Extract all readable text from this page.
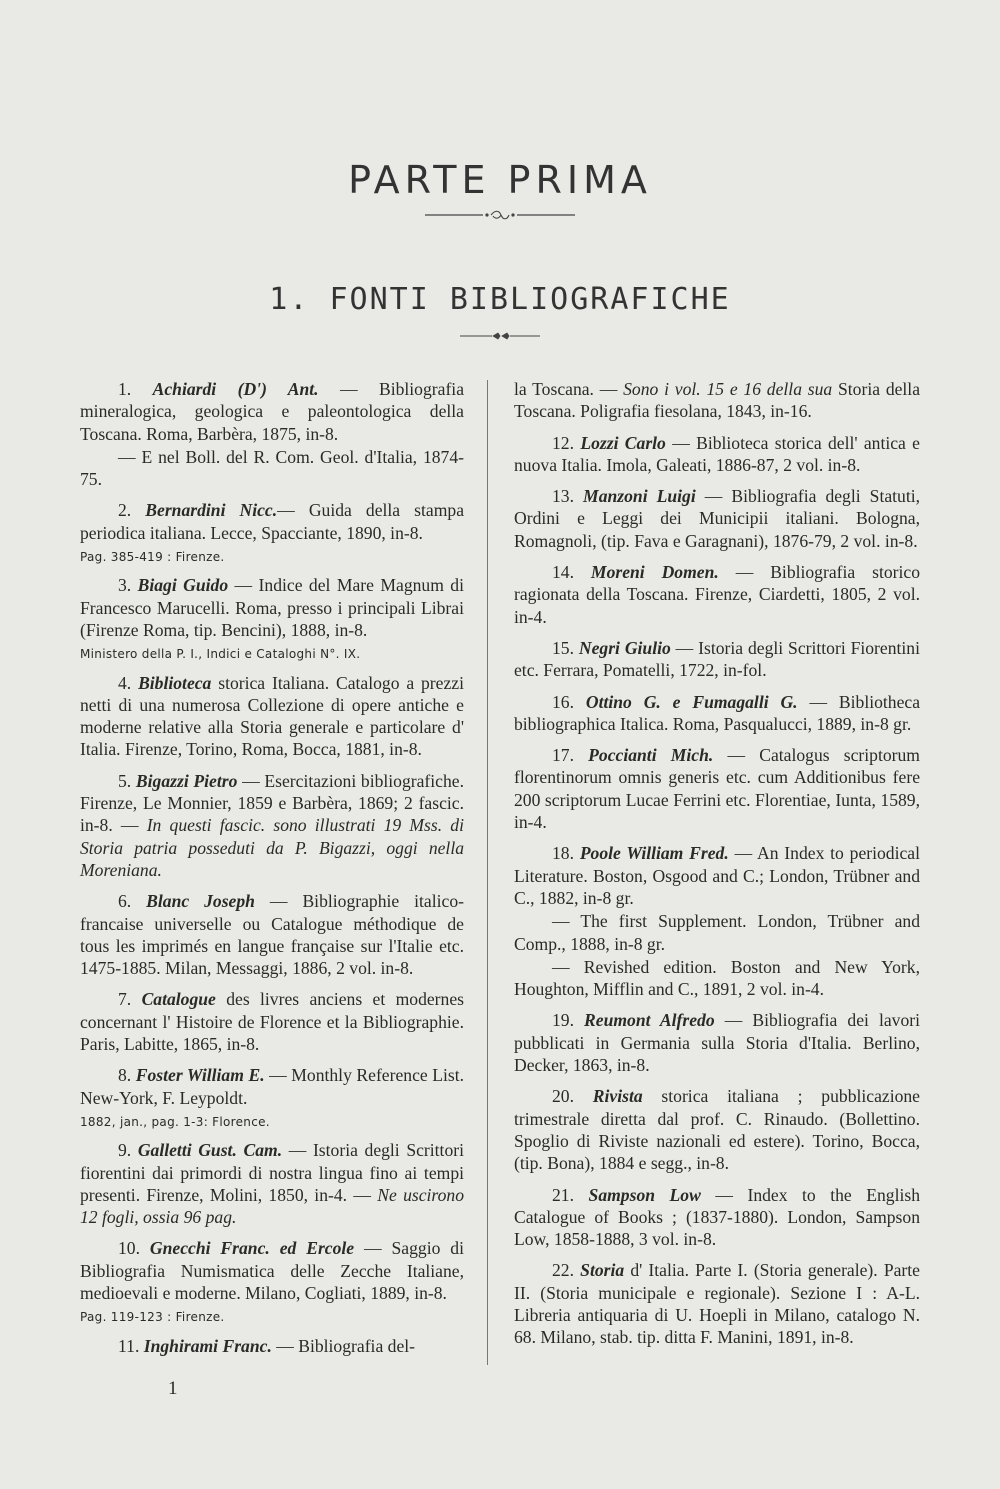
PARTE PRIMA
1. FONTI BIBLIOGRAFICHE

1. Achiardi (D') Ant. — Bibliografia mineralogica, geologica e paleontologica della Toscana. Roma, Barbèra, 1875, in-8.

— E nel Boll. del R. Com. Geol. d'Italia, 1874-75.

2. Bernardini Nicc.— Guida della stampa periodica italiana. Lecce, Spacciante, 1890, in-8.

Pag. 385-419 : Firenze.

3. Biagi Guido — Indice del Mare Magnum di Francesco Marucelli. Roma, presso i principali Librai (Firenze Roma, tip. Bencini), 1888, in-8.

Ministero della P. I., Indici e Cataloghi N°. IX.

4. Biblioteca storica Italiana. Catalogo a prezzi netti di una numerosa Collezione di opere antiche e moderne relative alla Storia generale e particolare d' Italia. Firenze, Torino, Roma, Bocca, 1881, in-8.

5. Bigazzi Pietro — Esercitazioni bibliografiche. Firenze, Le Monnier, 1859 e Barbèra, 1869; 2 fascic. in-8. — In questi fascic. sono illustrati 19 Mss. di Storia patria posseduti da P. Bigazzi, oggi nella Moreniana.

6. Blanc Joseph — Bibliographie italico-francaise universelle ou Catalogue méthodique de tous les imprimés en langue française sur l'Italie etc. 1475-1885. Milan, Messaggi, 1886, 2 vol. in-8.

7. Catalogue des livres anciens et modernes concernant l' Histoire de Florence et la Bibliographie. Paris, Labitte, 1865, in-8.

8. Foster William E. — Monthly Reference List. New-York, F. Leypoldt.

1882, jan., pag. 1-3: Florence.

9. Galletti Gust. Cam. — Istoria degli Scrittori fiorentini dai primordi di nostra lingua fino ai tempi presenti. Firenze, Molini, 1850, in-4. — Ne uscirono 12 fogli, ossia 96 pag.

10. Gnecchi Franc. ed Ercole — Saggio di Bibliografia Numismatica delle Zecche Italiane, medioevali e moderne. Milano, Cogliati, 1889, in-8.

Pag. 119-123 : Firenze.

11. Inghirami Franc. — Bibliografia del-

la Toscana. — Sono i vol. 15 e 16 della sua Storia della Toscana. Poligrafia fiesolana, 1843, in-16.

12. Lozzi Carlo — Biblioteca storica dell' antica e nuova Italia. Imola, Galeati, 1886-87, 2 vol. in-8.

13. Manzoni Luigi — Bibliografia degli Statuti, Ordini e Leggi dei Municipii italiani. Bologna, Romagnoli, (tip. Fava e Garagnani), 1876-79, 2 vol. in-8.

14. Moreni Domen. — Bibliografia storico ragionata della Toscana. Firenze, Ciardetti, 1805, 2 vol. in-4.

15. Negri Giulio — Istoria degli Scrittori Fiorentini etc. Ferrara, Pomatelli, 1722, in-fol.

16. Ottino G. e Fumagalli G. — Bibliotheca bibliographica Italica. Roma, Pasqualucci, 1889, in-8 gr.

17. Poccianti Mich. — Catalogus scriptorum florentinorum omnis generis etc. cum Additionibus fere 200 scriptorum Lucae Ferrini etc. Florentiae, Iunta, 1589, in-4.

18. Poole William Fred. — An Index to periodical Literature. Boston, Osgood and C.; London, Trübner and C., 1882, in-8 gr.

— The first Supplement. London, Trübner and Comp., 1888, in-8 gr.

— Revished edition. Boston and New York, Houghton, Mifflin and C., 1891, 2 vol. in-4.

19. Reumont Alfredo — Bibliografia dei lavori pubblicati in Germania sulla Storia d'Italia. Berlino, Decker, 1863, in-8.

20. Rivista storica italiana ; pubblicazione trimestrale diretta dal prof. C. Rinaudo. (Bollettino. Spoglio di Riviste nazionali ed estere). Torino, Bocca, (tip. Bona), 1884 e segg., in-8.

21. Sampson Low — Index to the English Catalogue of Books ; (1837-1880). London, Sampson Low, 1858-1888, 3 vol. in-8.

22. Storia d' Italia. Parte I. (Storia generale). Parte II. (Storia municipale e regionale). Sezione I : A-L. Libreria antiquaria di U. Hoepli in Milano, catalogo N. 68. Milano, stab. tip. ditta F. Manini, 1891, in-8.

1
